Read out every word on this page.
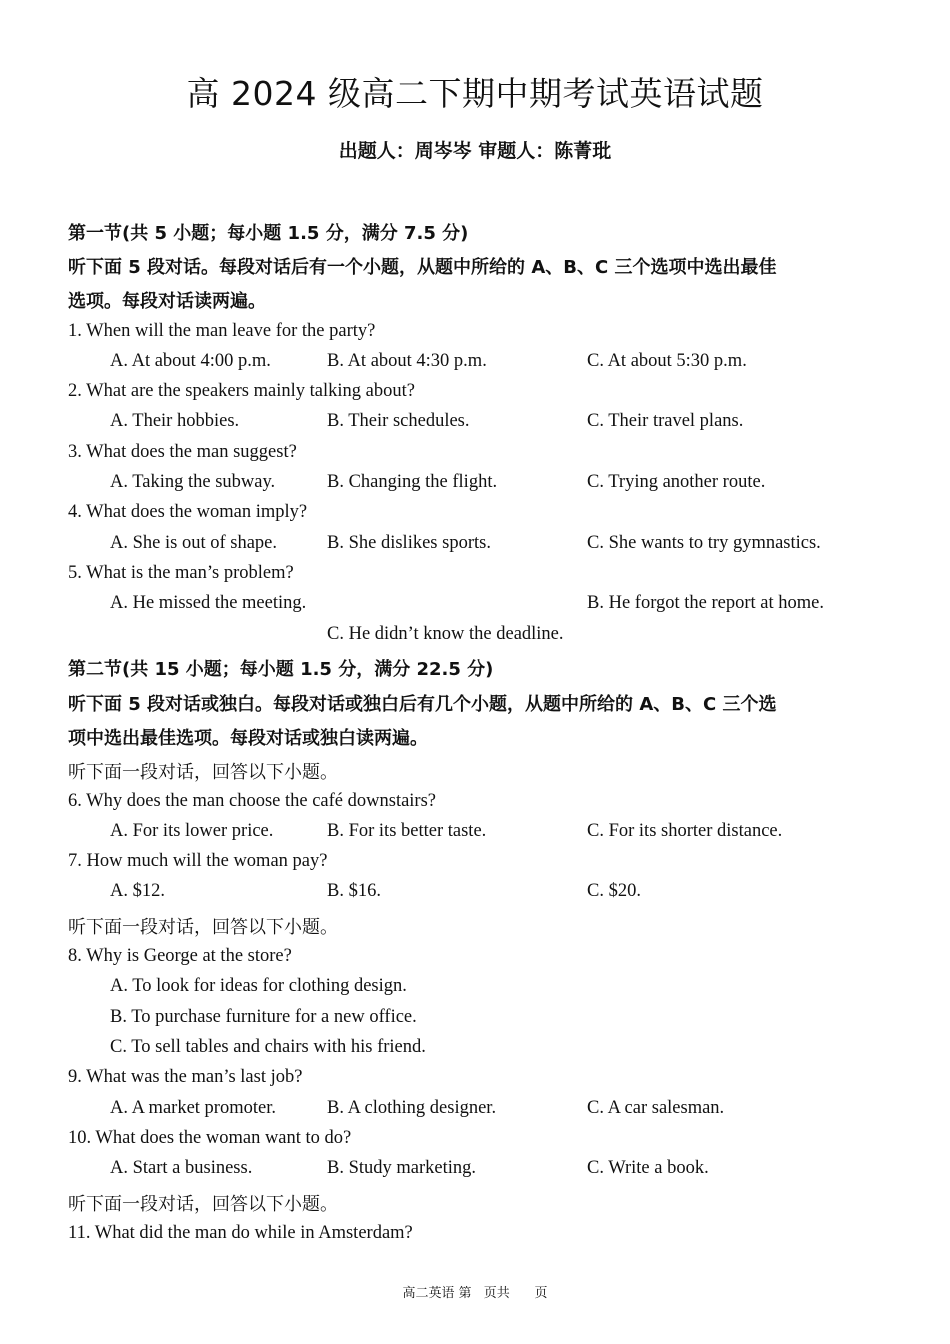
高 2024 级高二下期中期考试英语试题
出题人：周岑岑 审题人：陈菁玭
第一节(共 5 小题；每小题 1.5 分，满分 7.5 分)
听下面 5 段对话。每段对话后有一个小题，从题中所给的 A、B、C 三个选项中选出最佳
选项。每段对话读两遍。
1. When will the man leave for the party?
A. At about 4:00 p.m.	B. At about 4:30 p.m.	C. At about 5:30 p.m.
2. What are the speakers mainly talking about?
A. Their hobbies.	B. Their schedules.	C. Their travel plans.
3. What does the man suggest?
A. Taking the subway.	B. Changing the flight.	C. Trying another route.
4. What does the woman imply?
A. She is out of shape.	B. She dislikes sports.	C. She wants to try gymnastics.
5. What is the man’s problem?
A. He missed the meeting.	B. He forgot the report at home.
C. He didn’t know the deadline.
第二节(共 15 小题；每小题 1.5 分，满分 22.5 分)
听下面 5 段对话或独白。每段对话或独白后有几个小题，从题中所给的 A、B、C 三个选
项中选出最佳选项。每段对话或独白读两遍。
听下面一段对话，回答以下小题。
6. Why does the man choose the café downstairs?
A. For its lower price.	B. For its better taste.	C. For its shorter distance.
7. How much will the woman pay?
A. $12.	B. $16.	C. $20.
听下面一段对话，回答以下小题。
8. Why is George at the store?
A. To look for ideas for clothing design.
B. To purchase furniture for a new office.
C. To sell tables and chairs with his friend.
9. What was the man’s last job?
A. A market promoter.	B. A clothing designer.	C. A car salesman.
10. What does the woman want to do?
A. Start a business.	B. Study marketing.	C. Write a book.
听下面一段对话，回答以下小题。
11. What did the man do while in Amsterdam?
高二英语 第 页共 页
